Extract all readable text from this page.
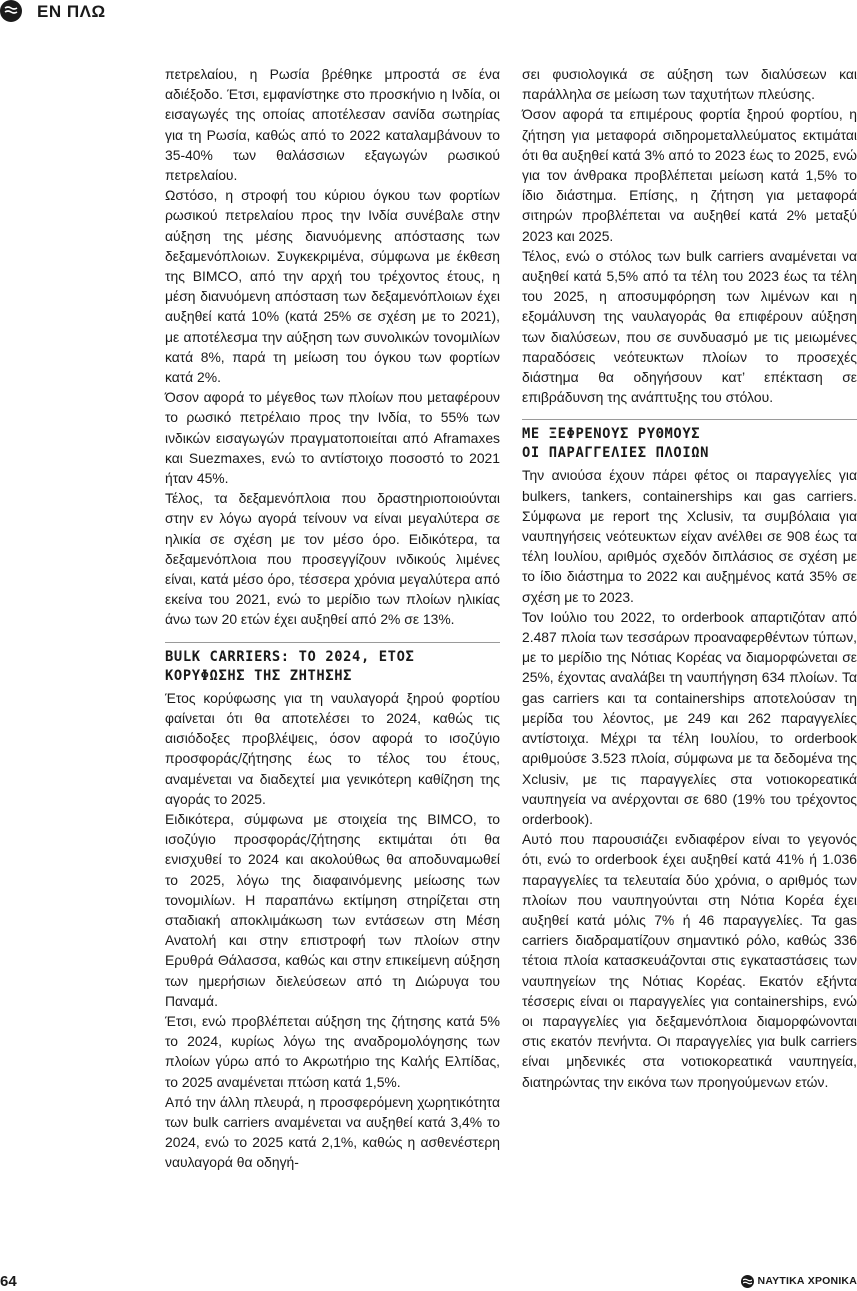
ΕΝ ΠΛΩ

πετρελαίου, η Ρωσία βρέθηκε μπροστά σε ένα αδιέξοδο. Έτσι, εμφανίστηκε στο προσκήνιο η Ινδία, οι εισαγωγές της οποίας αποτέλεσαν σανίδα σωτηρίας για τη Ρωσία, καθώς από το 2022 καταλαμβάνουν το 35-40% των θαλάσσιων εξαγωγών ρωσικού πετρελαίου.

Ωστόσο, η στροφή του κύριου όγκου των φορτίων ρωσικού πετρελαίου προς την Ινδία συνέβαλε στην αύξηση της μέσης διανυόμενης απόστασης των δεξαμενόπλοιων. Συγκεκριμένα, σύμφωνα με έκθεση της BIMCO, από την αρχή του τρέχοντος έτους, η μέση διανυόμενη απόσταση των δεξαμενόπλοιων έχει αυξηθεί κατά 10% (κατά 25% σε σχέση με το 2021), με αποτέλεσμα την αύξηση των συνολικών τονομιλίων κατά 8%, παρά τη μείωση του όγκου των φορτίων κατά 2%.

Όσον αφορά το μέγεθος των πλοίων που μεταφέρουν το ρωσικό πετρέλαιο προς την Ινδία, το 55% των ινδικών εισαγωγών πραγματοποιείται από Aframaxes και Suezmaxes, ενώ το αντίστοιχο ποσοστό το 2021 ήταν 45%.

Τέλος, τα δεξαμενόπλοια που δραστηριοποιούνται στην εν λόγω αγορά τείνουν να είναι μεγαλύτερα σε ηλικία σε σχέση με τον μέσο όρο. Ειδικότερα, τα δεξαμενόπλοια που προσεγγίζουν ινδικούς λιμένες είναι, κατά μέσο όρο, τέσσερα χρόνια μεγαλύτερα από εκείνα του 2021, ενώ το μερίδιο των πλοίων ηλικίας άνω των 20 ετών έχει αυξηθεί από 2% σε 13%.

BULK CARRIERS: ΤΟ 2024, ΕΤΟΣ
ΚΟΡΥΦΩΣΗΣ ΤΗΣ ΖΗΤΗΣΗΣ

Έτος κορύφωσης για τη ναυλαγορά ξηρού φορτίου φαίνεται ότι θα αποτελέσει το 2024, καθώς τις αισιόδοξες προβλέψεις, όσον αφορά το ισοζύγιο προσφοράς/ζήτησης έως το τέλος του έτους, αναμένεται να διαδεχτεί μια γενικότερη καθίζηση της αγοράς το 2025.

Ειδικότερα, σύμφωνα με στοιχεία της BIMCO, το ισοζύγιο προσφοράς/ζήτησης εκτιμάται ότι θα ενισχυθεί το 2024 και ακολούθως θα αποδυναμωθεί το 2025, λόγω της διαφαινόμενης μείωσης των τονομιλίων. Η παραπάνω εκτίμηση στηρίζεται στη σταδιακή αποκλιμάκωση των εντάσεων στη Μέση Ανατολή και στην επιστροφή των πλοίων στην Ερυθρά Θάλασσα, καθώς και στην επικείμενη αύξηση των ημερήσιων διελεύσεων από τη Διώρυγα του Παναμά.

Έτσι, ενώ προβλέπεται αύξηση της ζήτησης κατά 5% το 2024, κυρίως λόγω της αναδρομολόγησης των πλοίων γύρω από το Ακρωτήριο της Καλής Ελπίδας, το 2025 αναμένεται πτώση κατά 1,5%.

Από την άλλη πλευρά, η προσφερόμενη χωρητικότητα των bulk carriers αναμένεται να αυξηθεί κατά 3,4% το 2024, ενώ το 2025 κατά 2,1%, καθώς η ασθενέστερη ναυλαγορά θα οδηγή-

σει φυσιολογικά σε αύξηση των διαλύσεων και παράλληλα σε μείωση των ταχυτήτων πλεύσης.

Όσον αφορά τα επιμέρους φορτία ξηρού φορτίου, η ζήτηση για μεταφορά σιδηρομεταλλεύματος εκτιμάται ότι θα αυξηθεί κατά 3% από το 2023 έως το 2025, ενώ για τον άνθρακα προβλέπεται μείωση κατά 1,5% το ίδιο διάστημα. Επίσης, η ζήτηση για μεταφορά σιτηρών προβλέπεται να αυξηθεί κατά 2% μεταξύ 2023 και 2025.

Τέλος, ενώ ο στόλος των bulk carriers αναμένεται να αυξηθεί κατά 5,5% από τα τέλη του 2023 έως τα τέλη του 2025, η αποσυμφόρηση των λιμένων και η εξομάλυνση της ναυλαγοράς θα επιφέρουν αύξηση των διαλύσεων, που σε συνδυασμό με τις μειωμένες παραδόσεις νεότευκτων πλοίων το προσεχές διάστημα θα οδηγήσουν κατ’ επέκταση σε επιβράδυνση της ανάπτυξης του στόλου.

ΜΕ ΞΕΦΡΕΝΟΥΣ ΡΥΘΜΟΥΣ
ΟΙ ΠΑΡΑΓΓΕΛΙΕΣ ΠΛΟΙΩΝ

Την ανιούσα έχουν πάρει φέτος οι παραγγελίες για bulkers, tankers, containerships και gas carriers. Σύμφωνα με report της Xclusiv, τα συμβόλαια για ναυπηγήσεις νεότευκτων είχαν ανέλθει σε 908 έως τα τέλη Ιουλίου, αριθμός σχεδόν διπλάσιος σε σχέση με το ίδιο διάστημα το 2022 και αυξημένος κατά 35% σε σχέση με το 2023.

Τον Ιούλιο του 2022, το orderbook απαρτιζόταν από 2.487 πλοία των τεσσάρων προαναφερθέντων τύπων, με το μερίδιο της Νότιας Κορέας να διαμορφώνεται σε 25%, έχοντας αναλάβει τη ναυπήγηση 634 πλοίων. Τα gas carriers και τα containerships αποτελούσαν τη μερίδα του λέοντος, με 249 και 262 παραγγελίες αντίστοιχα. Μέχρι τα τέλη Ιουλίου, το orderbook αριθμούσε 3.523 πλοία, σύμφωνα με τα δεδομένα της Xclusiv, με τις παραγγελίες στα νοτιοκορεατικά ναυπηγεία να ανέρχονται σε 680 (19% του τρέχοντος orderbook).

Αυτό που παρουσιάζει ενδιαφέρον είναι το γεγονός ότι, ενώ το orderbook έχει αυξηθεί κατά 41% ή 1.036 παραγγελίες τα τελευταία δύο χρόνια, ο αριθμός των πλοίων που ναυπηγούνται στη Νότια Κορέα έχει αυξηθεί κατά μόλις 7% ή 46 παραγγελίες. Τα gas carriers διαδραματίζουν σημαντικό ρόλο, καθώς 336 τέτοια πλοία κατασκευάζονται στις εγκαταστάσεις των ναυπηγείων της Νότιας Κορέας. Εκατόν εξήντα τέσσερις είναι οι παραγγελίες για containerships, ενώ οι παραγγελίες για δεξαμενόπλοια διαμορφώνονται στις εκατόν πενήντα. Οι παραγγελίες για bulk carriers είναι μηδενικές στα νοτιοκορεατικά ναυπηγεία, διατηρώντας την εικόνα των προηγούμενων ετών.

64	ΝΑΥΤΙΚΑ ΧΡΟΝΙΚΑ
